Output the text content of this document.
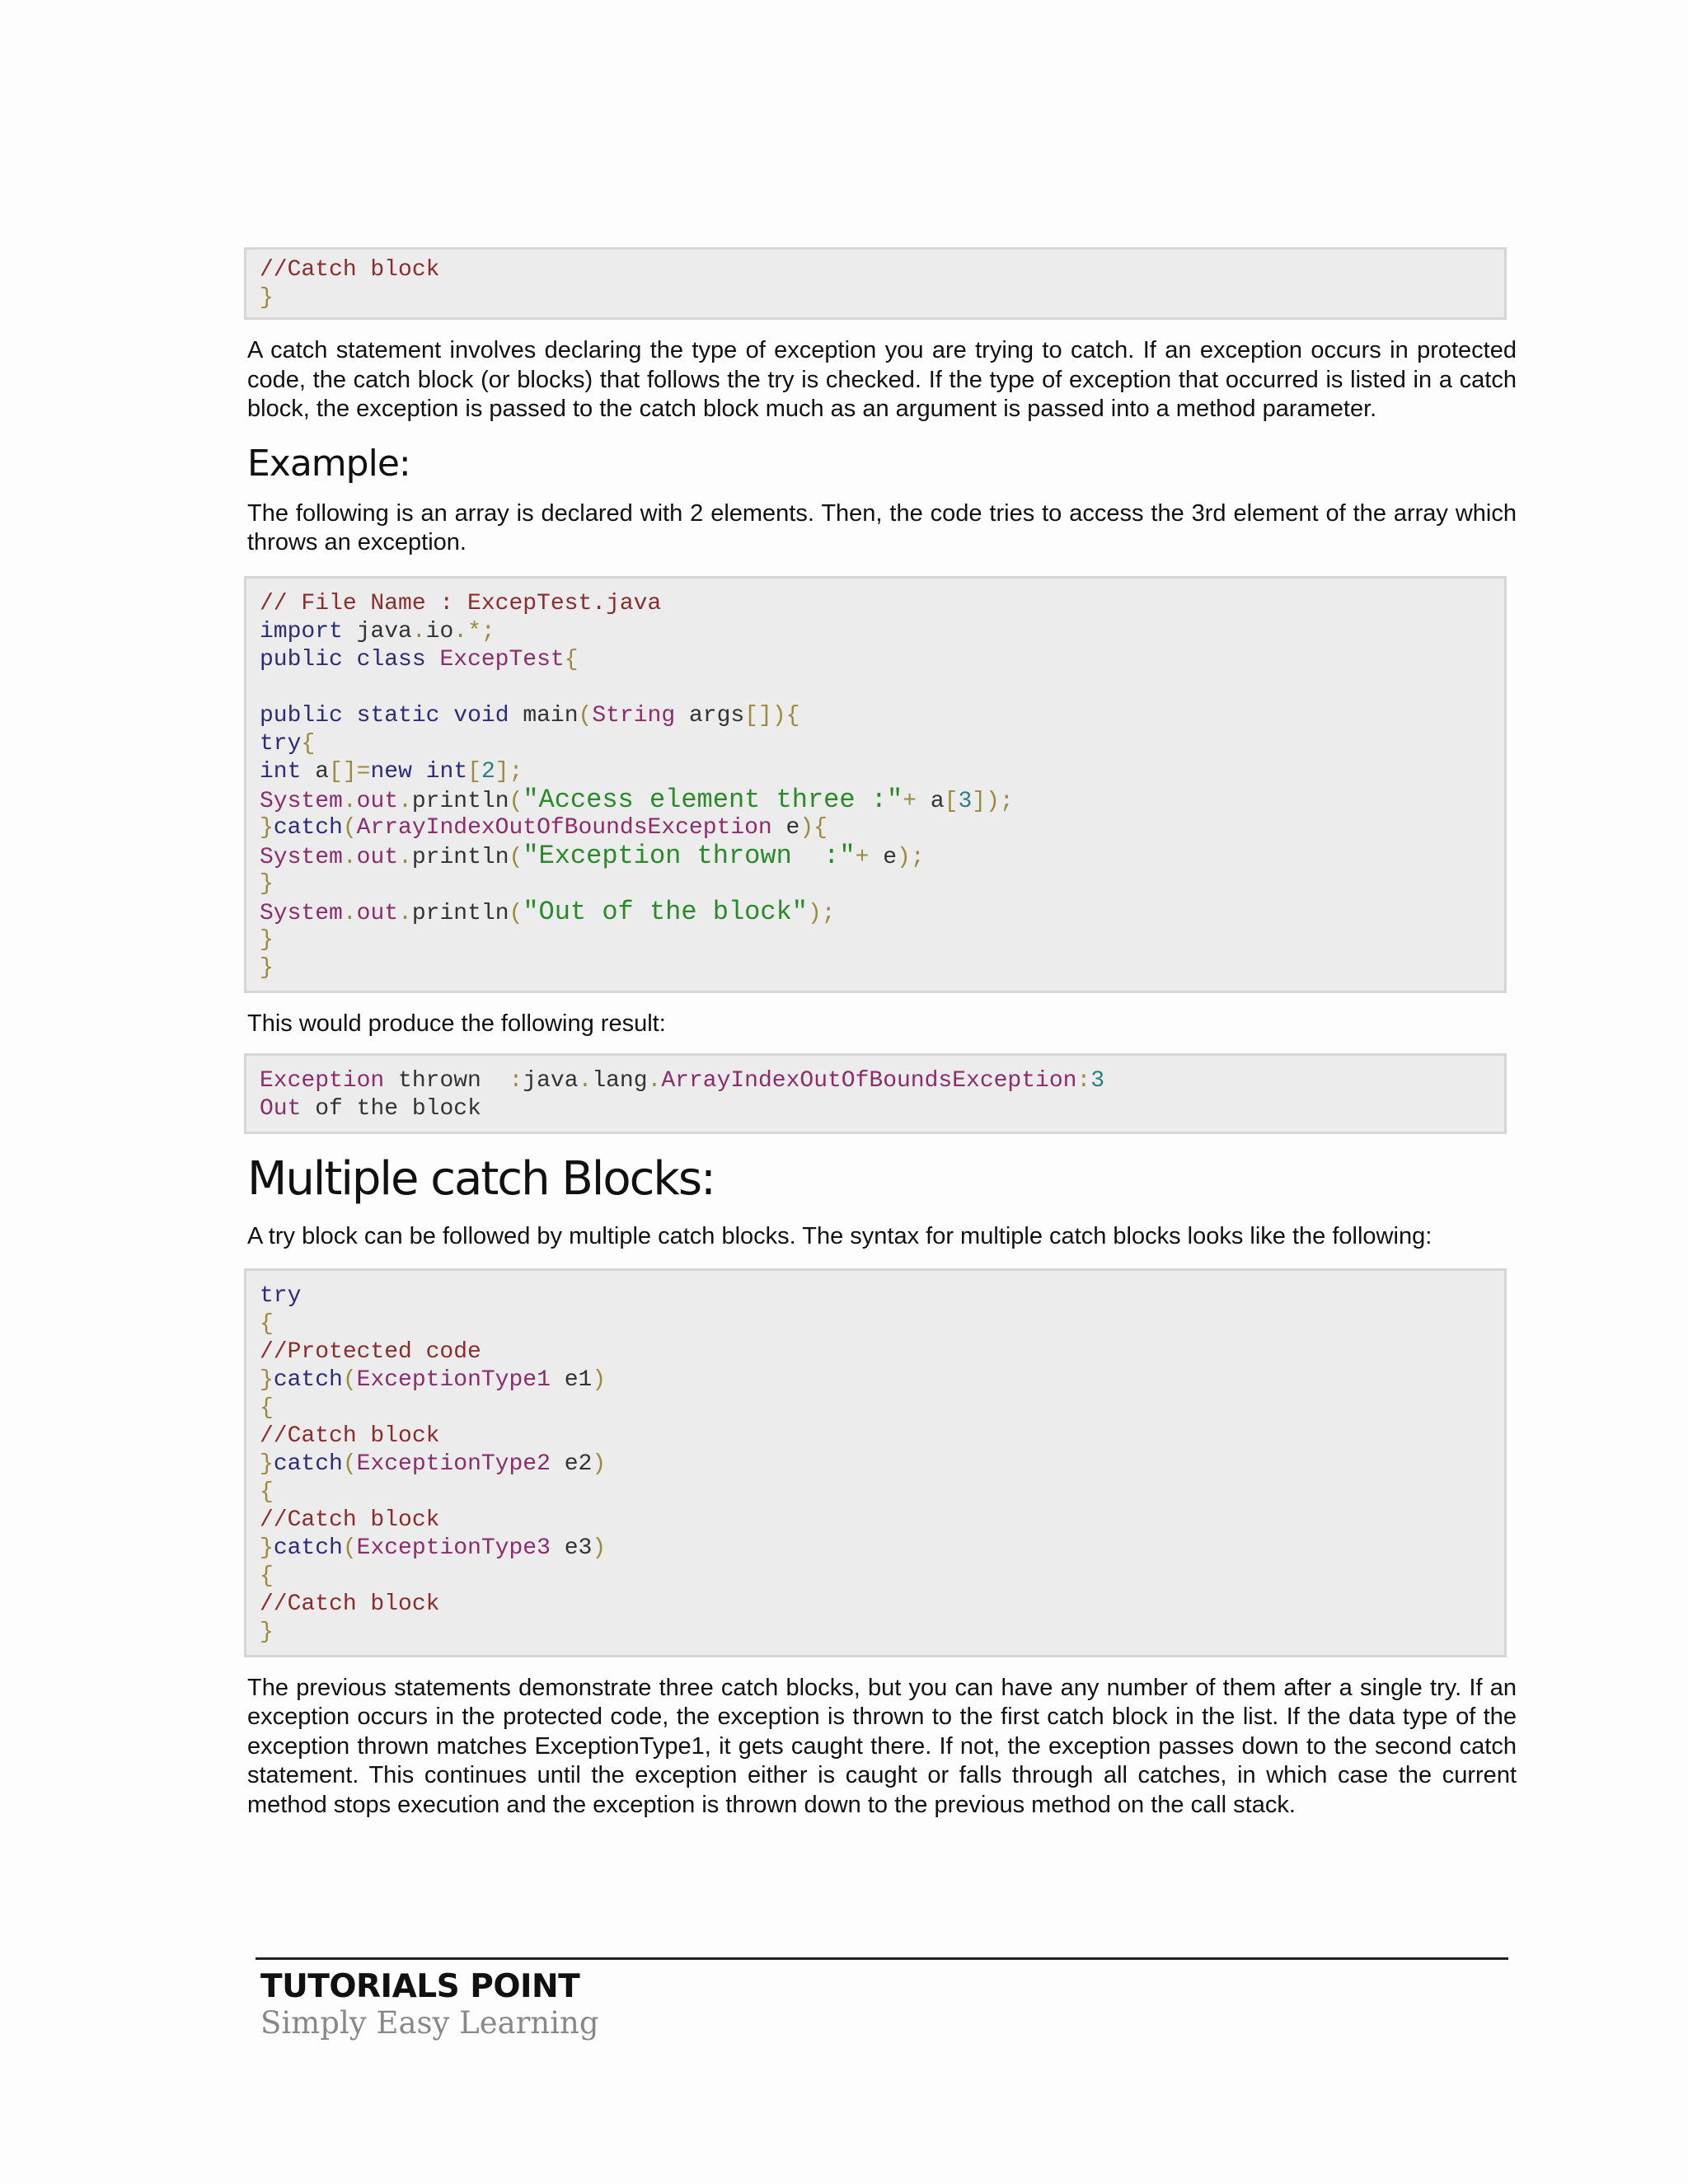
//Catch block
}

A catch statement involves declaring the type of exception you are trying to catch. If an exception occurs in protected code, the catch block (or blocks) that follows the try is checked. If the type of exception that occurred is listed in a catch block, the exception is passed to the catch block much as an argument is passed into a method parameter.

Example:

The following is an array is declared with 2 elements. Then, the code tries to access the 3rd element of the array which throws an exception.

// File Name : ExcepTest.java
import java.io.*;
public class ExcepTest{

public static void main(String args[]){
try{
int a[]=new int[2];
System.out.println("Access element three :"+ a[3]);
}catch(ArrayIndexOutOfBoundsException e){
System.out.println("Exception thrown  :"+ e);
}
System.out.println("Out of the block");
}
}

This would produce the following result:

Exception thrown :java.lang.ArrayIndexOutOfBoundsException:3
Out of the block
Multiple catch Blocks:

A try block can be followed by multiple catch blocks. The syntax for multiple catch blocks looks like the following:

try
{
//Protected code
}catch(ExceptionType1 e1)
{
//Catch block
}catch(ExceptionType2 e2)
{
//Catch block
}catch(ExceptionType3 e3)
{
//Catch block
}

The previous statements demonstrate three catch blocks, but you can have any number of them after a single try. If an exception occurs in the protected code, the exception is thrown to the first catch block in the list. If the data type of the exception thrown matches ExceptionType1, it gets caught there. If not, the exception passes down to the second catch statement. This continues until the exception either is caught or falls through all catches, in which case the current method stops execution and the exception is thrown down to the previous method on the call stack.

TUTORIALS POINT
Simply Easy Learning
